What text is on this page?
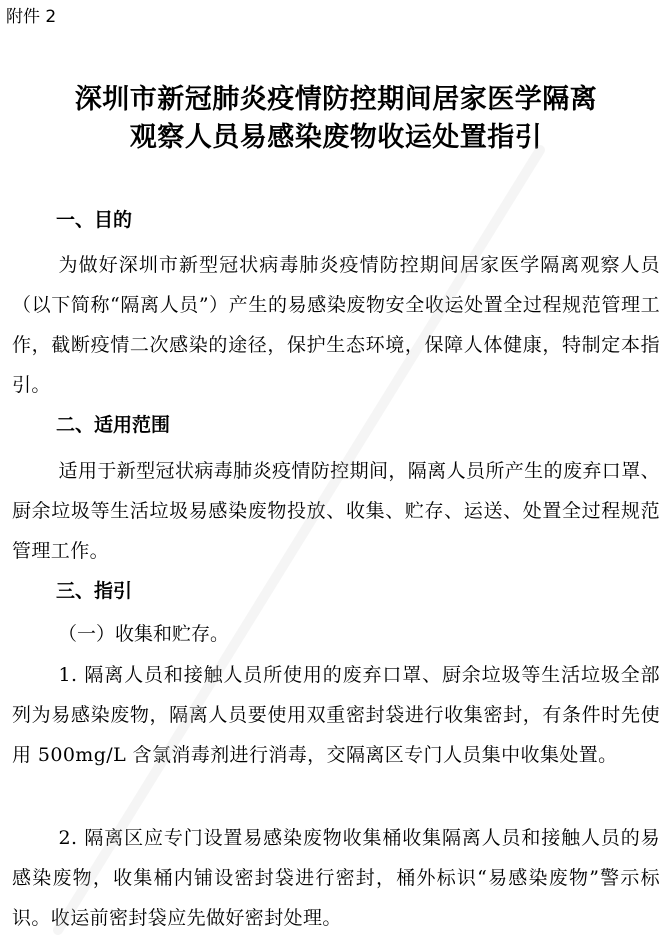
附件 2

深圳市新冠肺炎疫情防控期间居家医学隔离
观察人员易感染废物收运处置指引
一、目的

为做好深圳市新型冠状病毒肺炎疫情防控期间居家医学隔离观察人员（以下简称“隔离人员”）产生的易感染废物安全收运处置全过程规范管理工作，截断疫情二次感染的途径，保护生态环境，保障人体健康，特制定本指引。

二、适用范围

适用于新型冠状病毒肺炎疫情防控期间，隔离人员所产生的废弃口罩、厨余垃圾等生活垃圾易感染废物投放、收集、贮存、运送、处置全过程规范管理工作。

三、指引

（一）收集和贮存。

1. 隔离人员和接触人员所使用的废弃口罩、厨余垃圾等生活垃圾全部列为易感染废物，隔离人员要使用双重密封袋进行收集密封，有条件时先使用 500mg/L 含氯消毒剂进行消毒，交隔离区专门人员集中收集处置。

2. 隔离区应专门设置易感染废物收集桶收集隔离人员和接触人员的易感染废物，收集桶内铺设密封袋进行密封，桶外标识“易感染废物”警示标识。收运前密封袋应先做好密封处理。
